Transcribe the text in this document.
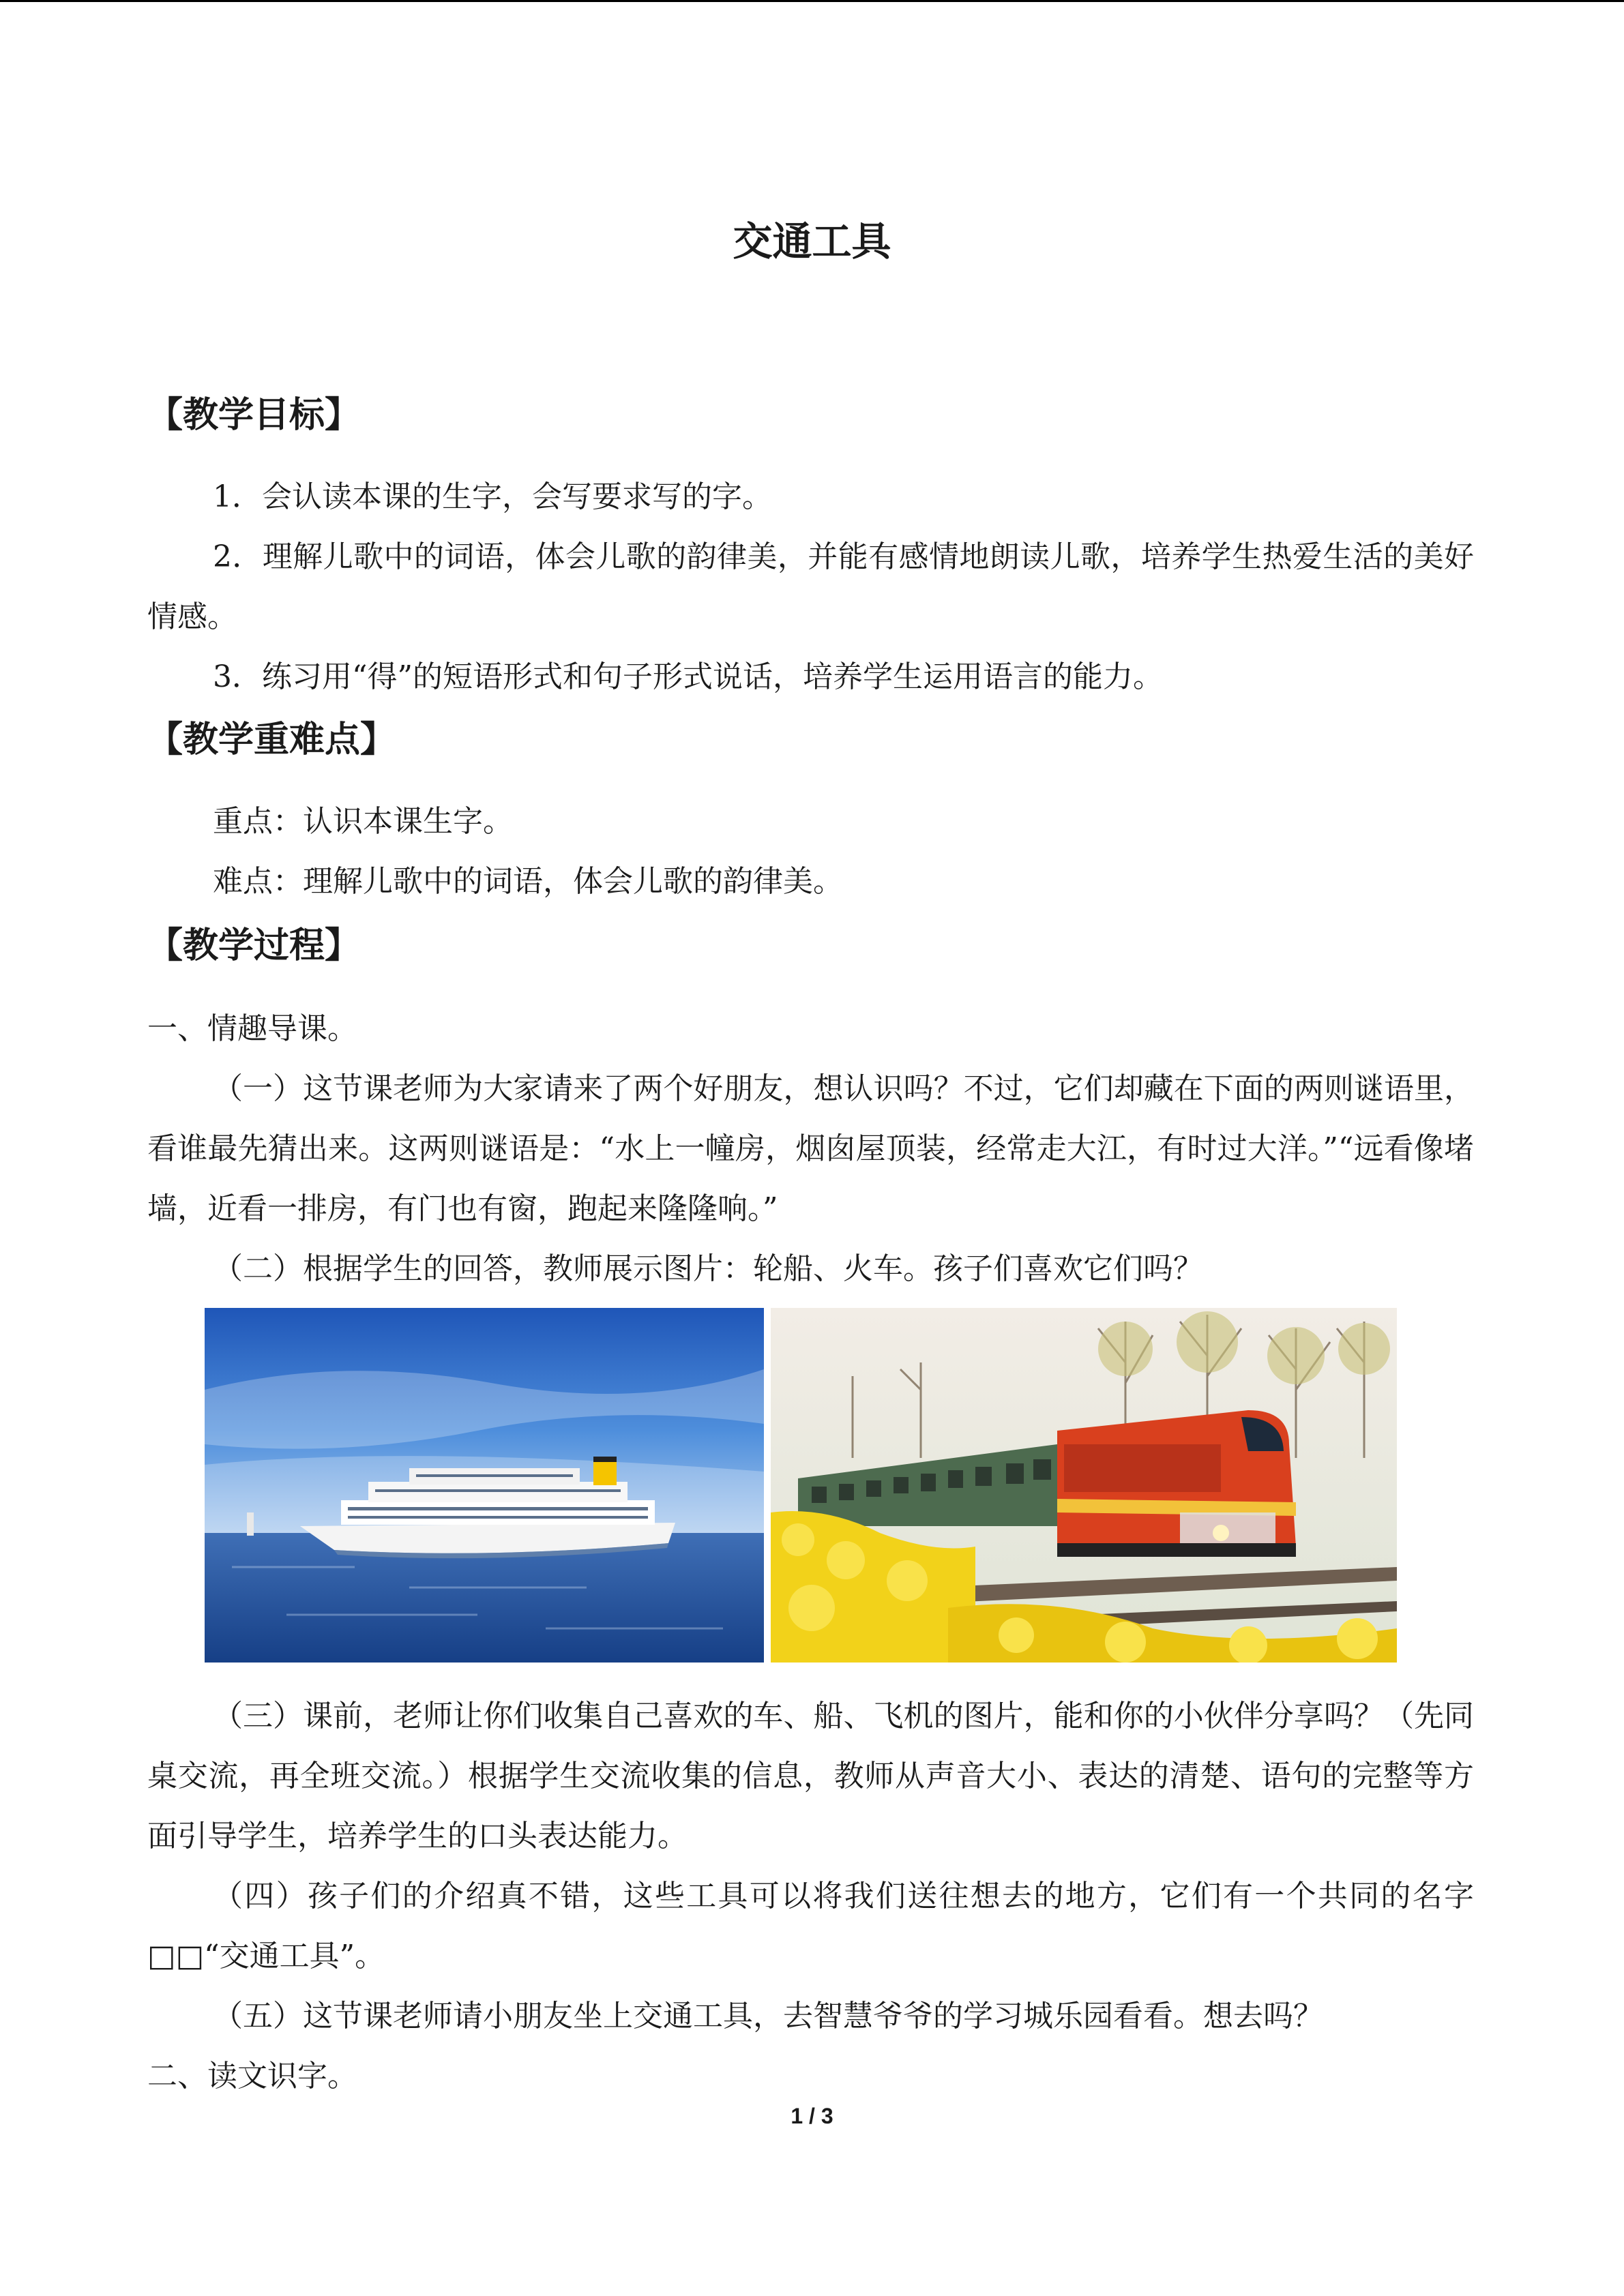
交通工具
【教学目标】
1．会认读本课的生字，会写要求写的字。
2．理解儿歌中的词语，体会儿歌的韵律美，并能有感情地朗读儿歌，培养学生热爱生活的美好情感。
3．练习用“得”的短语形式和句子形式说话，培养学生运用语言的能力。
【教学重难点】
重点：认识本课生字。
难点：理解儿歌中的词语，体会儿歌的韵律美。
【教学过程】
一、情趣导课。
（一）这节课老师为大家请来了两个好朋友，想认识吗？不过，它们却藏在下面的两则谜语里，看谁最先猜出来。这两则谜语是：“水上一幢房，烟囱屋顶装，经常走大江，有时过大洋。”“远看像堵墙，近看一排房，有门也有窗，跑起来隆隆响。”
（二）根据学生的回答，教师展示图片：轮船、火车。孩子们喜欢它们吗？
（三）课前，老师让你们收集自己喜欢的车、船、飞机的图片，能和你的小伙伴分享吗？（先同桌交流，再全班交流。）根据学生交流收集的信息，教师从声音大小、表达的清楚、语句的完整等方面引导学生，培养学生的口头表达能力。
（四）孩子们的介绍真不错，这些工具可以将我们送往想去的地方，它们有一个共同的名字□□“交通工具”。
（五）这节课老师请小朋友坐上交通工具，去智慧爷爷的学习城乐园看看。想去吗？
二、读文识字。
1 / 3
